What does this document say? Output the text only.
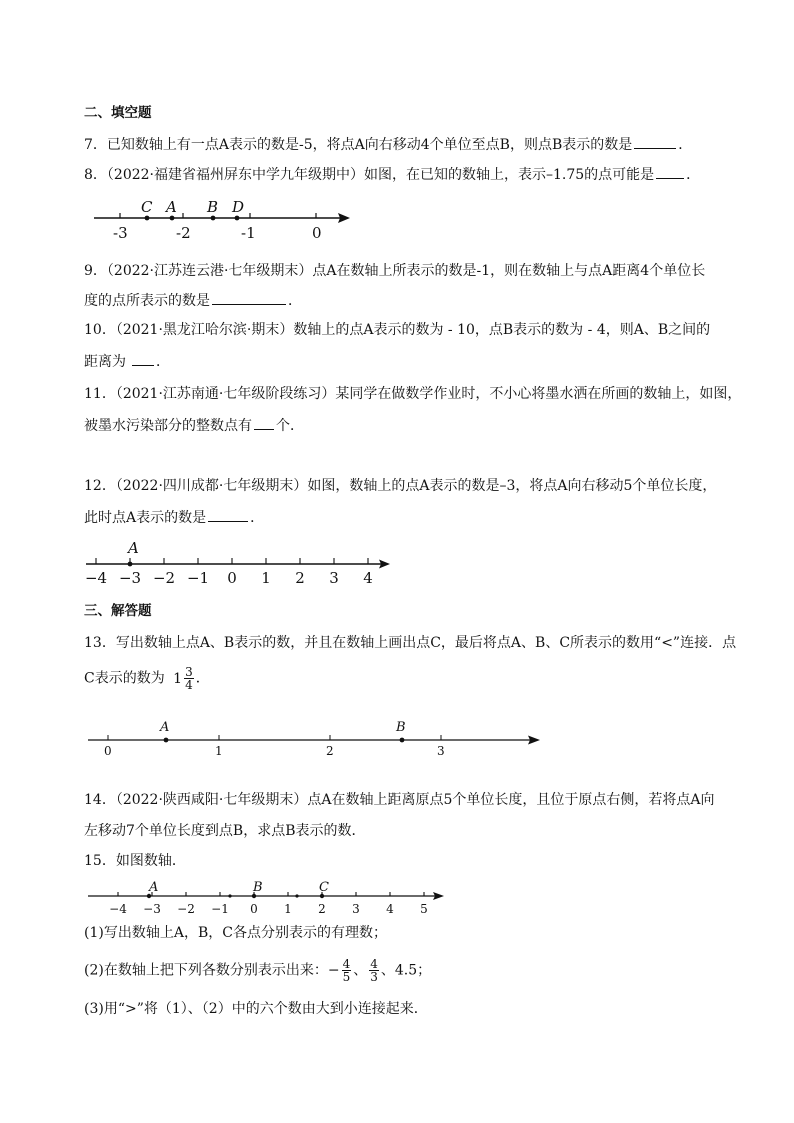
二、填空题
7．已知数轴上有一点A表示的数是-5，将点A向右移动4个单位至点B，则点B表示的数是	．
8．（2022·福建省福州屏东中学九年级期中）如图，在已知的数轴上，表示–1.75的点可能是 ．
C A B D
-3	-2	-1	0
9．（2022·江苏连云港·七年级期末）点A在数轴上所表示的数是-1，则在数轴上与点A距离4个单位长
度的点所表示的数是	．
10．（2021·黑龙江哈尔滨·期末）数轴上的点A表示的数为 - 10，点B表示的数为 - 4，则A、B之间的
距离为 ．
11．（2021·江苏南通·七年级阶段练习）某同学在做数学作业时，不小心将墨水洒在所画的数轴上，如图，
被墨水污染部分的整数点有 个．
12．（2022·四川成都·七年级期末）如图，数轴上的点A表示的数是–3，将点A向右移动5个单位长度，
此时点A表示的数是	．
−4 −3 −2 −1 0 1 2 3 4
A
三、解答题
13．写出数轴上点A、B表示的数，并且在数轴上画出点C，最后将点A、B、C所表示的数用“<”连接．点
C表示的数为 $1 \frac{3}{4}$ ．
A	B
0	1	2	3
14．（2022·陕西咸阳·七年级期末）点A在数轴上距离原点5个单位长度，且位于原点右侧，若将点A向
左移动7个单位长度到点B，求点B表示的数．
15．如图数轴．
−4 −3 −2 −1 0 1 2 3 4 5
A	B	C
(1)写出数轴上A，B，C各点分别表示的有理数；
(2)在数轴上把下列各数分别表示出来：− $\frac{4}{5}$ 、 $\frac{4}{3}$ 、4.5；
(3)用“>”将（1）、（2）中的六个数由大到小连接起来．
